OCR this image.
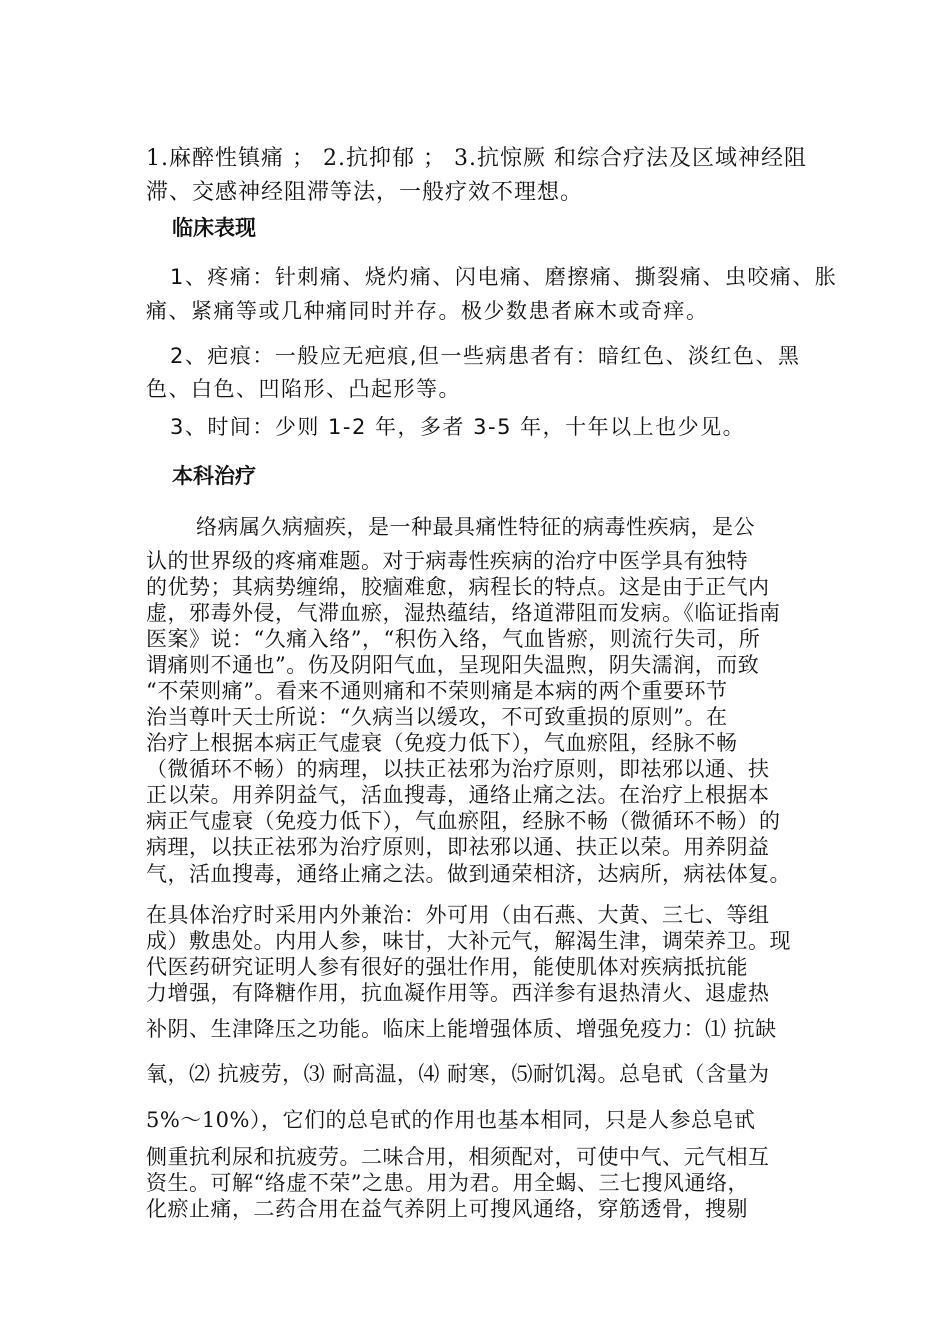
1.麻醉性镇痛 ； 2.抗抑郁 ； 3.抗惊厥 和综合疗法及区域神经阻

滞、交感神经阻滞等法，一般疗效不理想。

临床表现

1、疼痛：针刺痛、烧灼痛、闪电痛、磨擦痛、撕裂痛、虫咬痛、胀

痛、紧痛等或几种痛同时并存。极少数患者麻木或奇痒。

2、疤痕：一般应无疤痕,但一些病患者有：暗红色、淡红色、黑

色、白色、凹陷形、凸起形等。

3、时间：少则 1-2 年，多者 3-5 年，十年以上也少见。

本科治疗

络病属久病痼疾，是一种最具痛性特征的病毒性疾病，是公

认的世界级的疼痛难题。对于病毒性疾病的治疗中医学具有独特

的优势；其病势缠绵，胶痼难愈，病程长的特点。这是由于正气内

虚，邪毒外侵，气滞血瘀，湿热蕴结，络道滞阻而发病。《临证指南

医案》说：“久痛入络”，“积伤入络，气血皆瘀，则流行失司，所

谓痛则不通也”。伤及阴阳气血，呈现阳失温煦，阴失濡润，而致

“不荣则痛”。看来不通则痛和不荣则痛是本病的两个重要环节

治当尊叶天士所说：“久病当以缓攻，不可致重损的原则”。在

治疗上根据本病正气虚衰（免疫力低下），气血瘀阻，经脉不畅

（微循环不畅）的病理，以扶正祛邪为治疗原则，即祛邪以通、扶

正以荣。用养阴益气，活血搜毒，通络止痛之法。在治疗上根据本

病正气虚衰（免疫力低下），气血瘀阻，经脉不畅（微循环不畅）的

病理，以扶正祛邪为治疗原则，即祛邪以通、扶正以荣。用养阴益

气，活血搜毒，通络止痛之法。做到通荣相济，达病所，病祛体复。

在具体治疗时采用内外兼治：外可用（由石燕、大黄、三七、等组

成）敷患处。内用人参，味甘，大补元气，解渴生津，调荣养卫。现

代医药研究证明人参有很好的强壮作用，能使肌体对疾病抵抗能

力增强，有降糖作用，抗血凝作用等。西洋参有退热清火、退虚热

补阴、生津降压之功能。临床上能增强体质、增强免疫力：⑴ 抗缺

氧，⑵ 抗疲劳，⑶ 耐高温，⑷ 耐寒，⑸耐饥渴。总皂甙（含量为

5%～10%），它们的总皂甙的作用也基本相同，只是人参总皂甙

侧重抗利尿和抗疲劳。二味合用，相须配对，可使中气、元气相互

资生。可解“络虚不荣”之患。用为君。用全蝎、三七搜风通络，

化瘀止痛，二药合用在益气养阴上可搜风通络，穿筋透骨，搜剔
